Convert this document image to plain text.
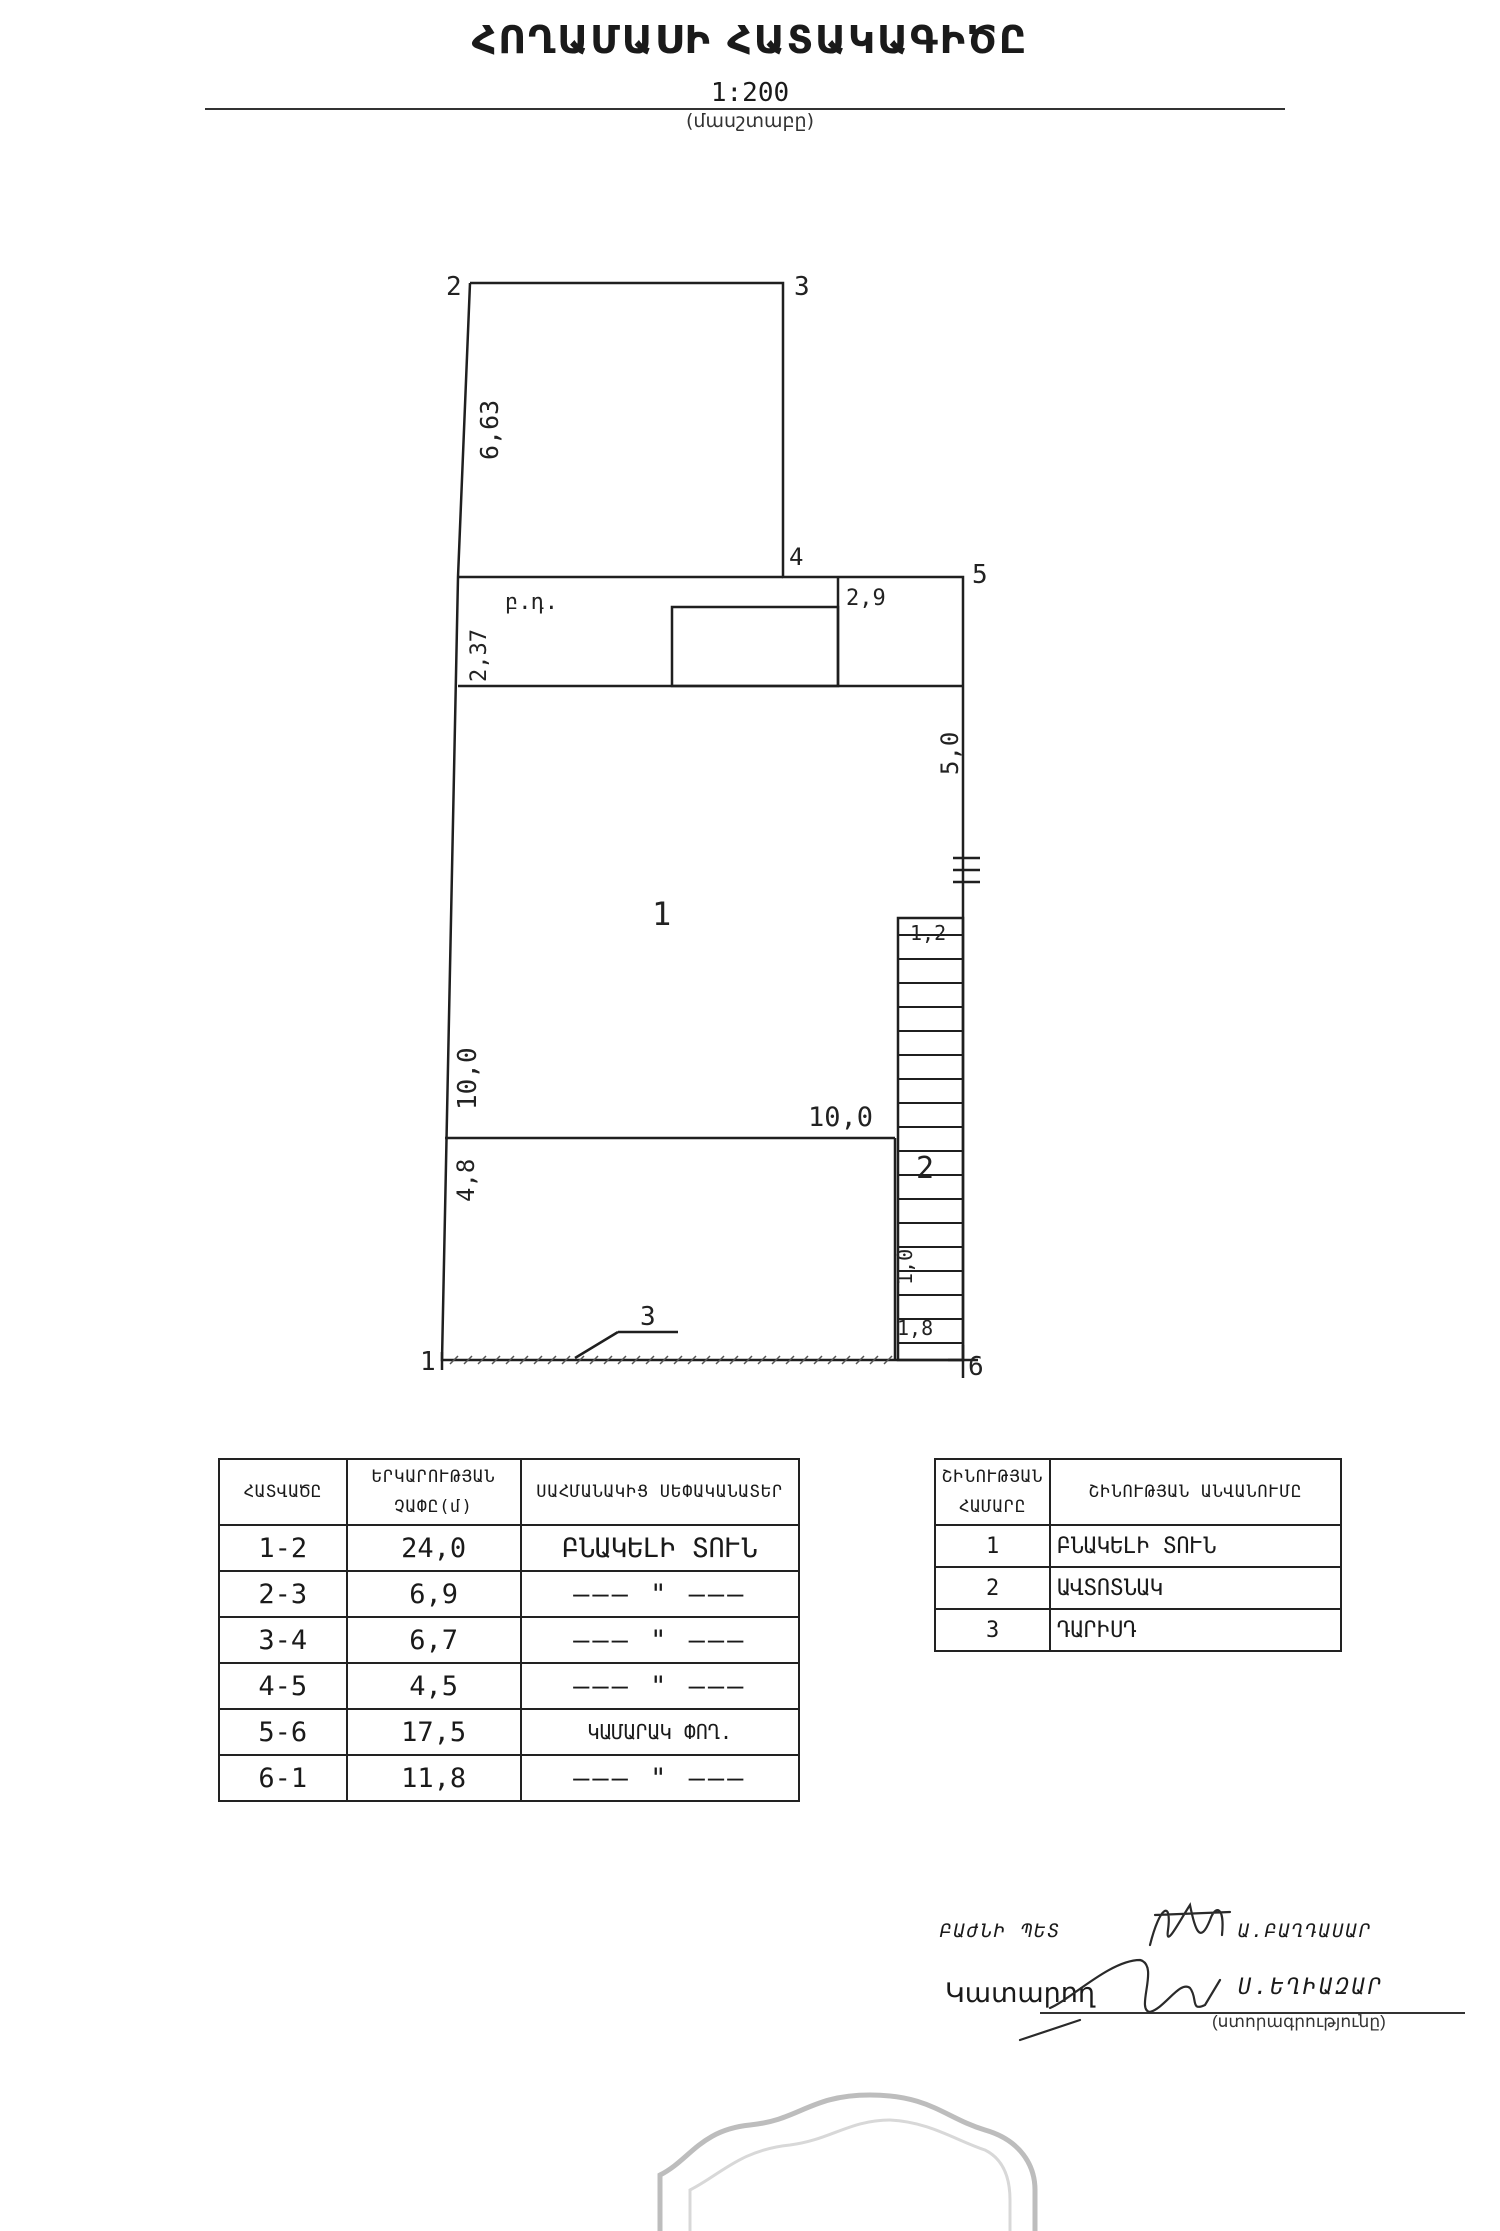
ՀՈՂԱՄԱՍԻ ՀԱՏԱԿԱԳԻԾԸ
1:200
(մասշտաբը)
1
2	3
4
5
6
6,63
2,9
2,37
5,0
10,0
10,0
4,8
1,2
1,0
1,8
1
2
3
բ.դ.
ՀԱՏՎԱԾԸ	ԵՐԿԱՐՈՒԹՅԱՆ ՉԱՓԸ(մ)	ՍԱՀՄԱՆԱԿԻՑ ՍԵՓԱԿԱՆԱՏԵՐ
1-2	24,0	ԲՆԱԿԵԼԻ ՏՈՒՆ
2-3	6,9	——— " ———
3-4	6,7	——— " ———
4-5	4,5	——— " ———
5-6	17,5	ԿԱՄԱՐԱԿ ՓՈՂ.
6-1	11,8	——— " ———
ՇԻՆՈՒԹՅԱՆ ՀԱՄԱՐԸ	ՇԻՆՈՒԹՅԱՆ ԱՆՎԱՆՈՒՄԸ
1	ԲՆԱԿԵԼԻ ՏՈՒՆ
2	ԱՎՏՈՏՆԱԿ
3	ԴԱՐԻՍԴ
ԲԱԺՆԻ ՊԵՏ	Ա.ԲԱՂԴԱՍԱՐ
Կատարող	Ս.ԵՂԻԱԶԱՐ
(ստորագրությունը)
